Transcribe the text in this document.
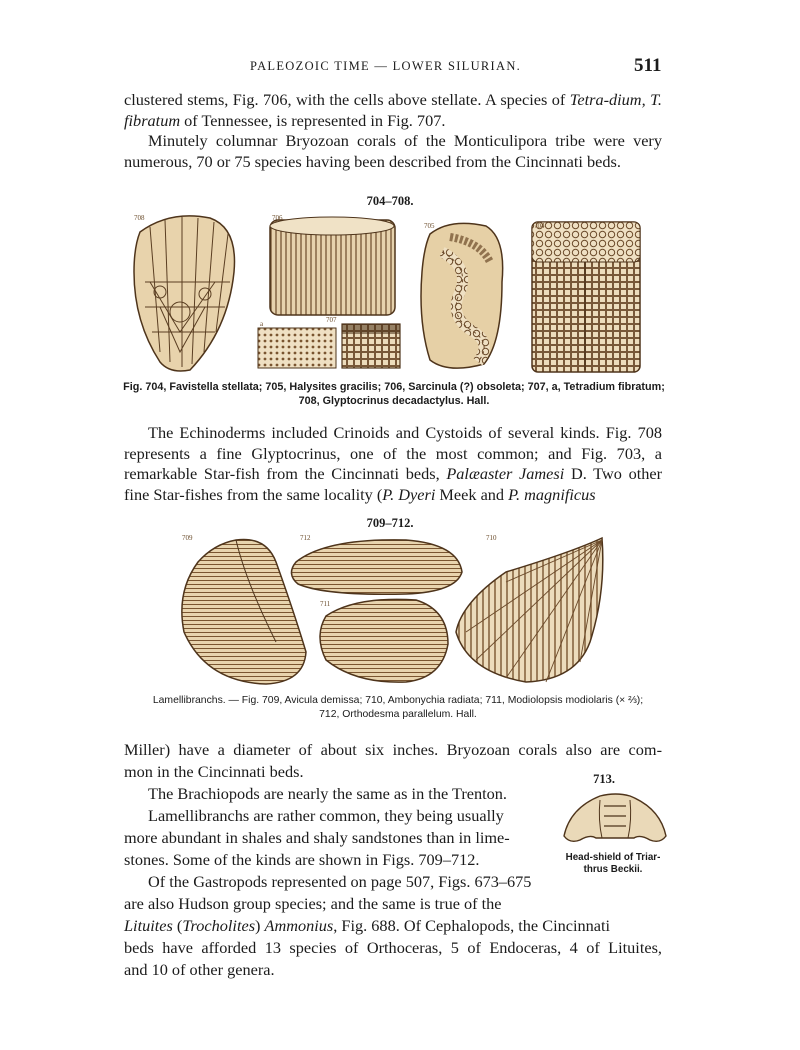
PALEOZOIC TIME — LOWER SILURIAN.	511

clustered stems, Fig. 706, with the cells above stellate. A species of Tetra-dium, T. fibratum of Tennessee, is represented in Fig. 707.

Minutely columnar Bryozoan corals of the Monticulipora tribe were very numerous, 70 or 75 species having been described from the Cincinnati beds.

704–708.
708	706
705	704
707
a

Fig. 704, Favistella stellata; 705, Halysites gracilis; 706, Sarcinula (?) obsoleta; 707, a, Tetradium fibratum;
708, Glyptocrinus decadactylus. Hall.

The Echinoderms included Crinoids and Cystoids of several kinds. Fig. 708 represents a fine Glyptocrinus, one of the most common; and Fig. 703, a remarkable Star-fish from the Cincinnati beds, Palæaster Jamesi D. Two other fine Star-fishes from the same locality (P. Dyeri Meek and P. magnificus

709–712.
709	712	710
711

Lamellibranchs. — Fig. 709, Avicula demissa; 710, Ambonychia radiata; 711, Modiolopsis modiolaris (× ⅔);
712, Orthodesma parallelum. Hall.

Miller) have a diameter of about six inches. Bryozoan corals also are com-
mon in the Cincinnati beds.
The Brachiopods are nearly the same as in the Trenton.
Lamellibranchs are rather common, they being usually
more abundant in shales and shaly sandstones than in lime-
stones. Some of the kinds are shown in Figs. 709–712.
Of the Gastropods represented on page 507, Figs. 673–675
are also Hudson group species; and the same is true of the
Lituites (Trocholites) Ammonius, Fig. 688. Of Cephalopods, the Cincinnati
beds have afforded 13 species of Orthoceras, 5 of Endoceras, 4 of Lituites,
and 10 of other genera.
713.
Head-shield of Triar-
thrus Beckii.
